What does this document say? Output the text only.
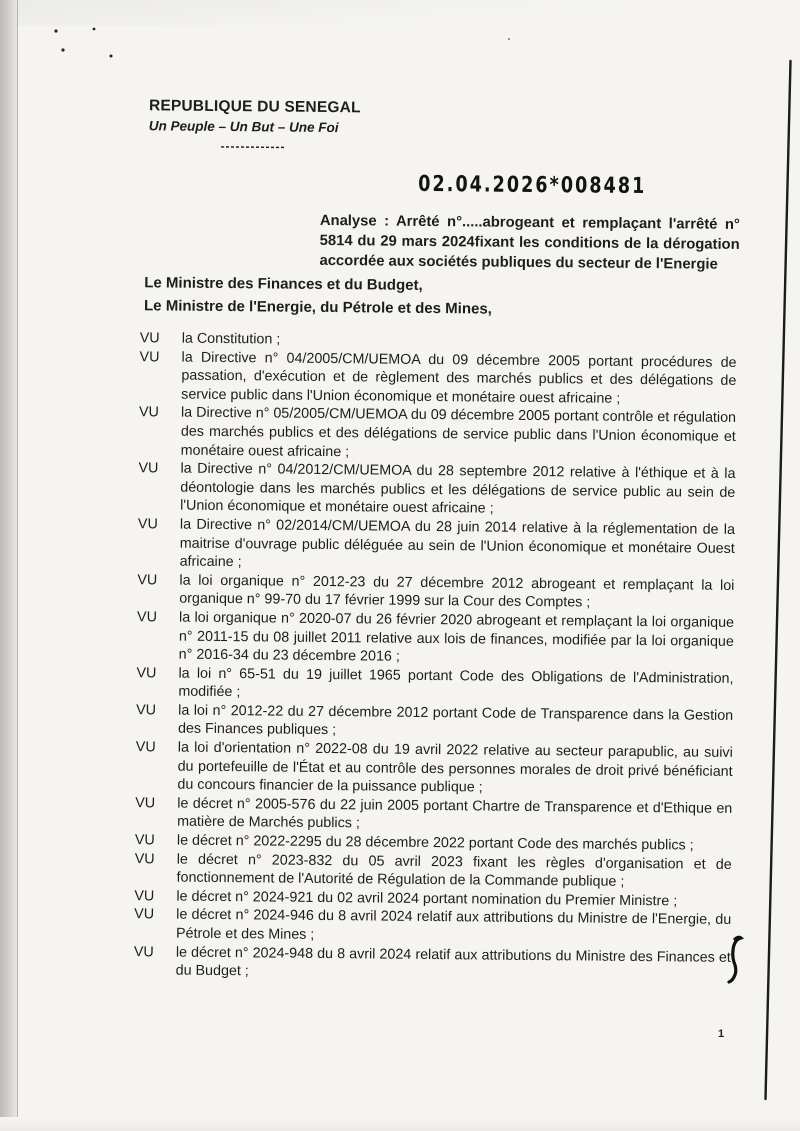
REPUBLIQUE DU SENEGAL
Un Peuple – Un But – Une Foi
-------------
02.04.2026*008481
Analyse : Arrêté n°.....abrogeant et remplaçant l'arrêté n° 5814 du 29 mars 2024fixant les conditions de la dérogation accordée aux sociétés publiques du secteur de l'Energie
Le Ministre des Finances et du Budget,
Le Ministre de l'Energie, du Pétrole et des Mines,
VU	la Constitution ;
VU	la Directive n° 04/2005/CM/UEMOA du 09 décembre 2005 portant procédures de passation, d'exécution et de règlement des marchés publics et des délégations de service public dans l'Union économique et monétaire ouest africaine ;
VU	la Directive n° 05/2005/CM/UEMOA du 09 décembre 2005 portant contrôle et régulation des marchés publics et des délégations de service public dans l'Union économique et monétaire ouest africaine ;
VU	la Directive n° 04/2012/CM/UEMOA du 28 septembre 2012 relative à l'éthique et à la déontologie dans les marchés publics et les délégations de service public au sein de l'Union économique et monétaire ouest africaine ;
VU	la Directive n° 02/2014/CM/UEMOA du 28 juin 2014 relative à la réglementation de la maitrise d'ouvrage public déléguée au sein de l'Union économique et monétaire Ouest africaine ;
VU	la loi organique n° 2012-23 du 27 décembre 2012 abrogeant et remplaçant la loi organique n° 99-70 du 17 février 1999 sur la Cour des Comptes ;
VU	la loi organique n° 2020-07 du 26 février 2020 abrogeant et remplaçant la loi organique n° 2011-15 du 08 juillet 2011 relative aux lois de finances, modifiée par la loi organique n° 2016-34 du 23 décembre 2016 ;
VU	la loi n° 65-51 du 19 juillet 1965 portant Code des Obligations de l'Administration, modifiée ;
VU	la loi n° 2012-22 du 27 décembre 2012 portant Code de Transparence dans la Gestion des Finances publiques ;
VU	la loi d'orientation n° 2022-08 du 19 avril 2022 relative au secteur parapublic, au suivi du portefeuille de l'État et au contrôle des personnes morales de droit privé bénéficiant du concours financier de la puissance publique ;
VU	le décret n° 2005-576 du 22 juin 2005 portant Chartre de Transparence et d'Ethique en matière de Marchés publics ;
VU	le décret n° 2022-2295 du 28 décembre 2022 portant Code des marchés publics ;
VU	le décret n° 2023-832 du 05 avril 2023 fixant les règles d'organisation et de fonctionnement de l'Autorité de Régulation de la Commande publique ;
VU	le décret n° 2024-921 du 02 avril 2024 portant nomination du Premier Ministre ;
VU	le décret n° 2024-946 du 8 avril 2024 relatif aux attributions du Ministre de l'Energie, du Pétrole et des Mines ;
VU	le décret n° 2024-948 du 8 avril 2024 relatif aux attributions du Ministre des Finances et du Budget ;
1
